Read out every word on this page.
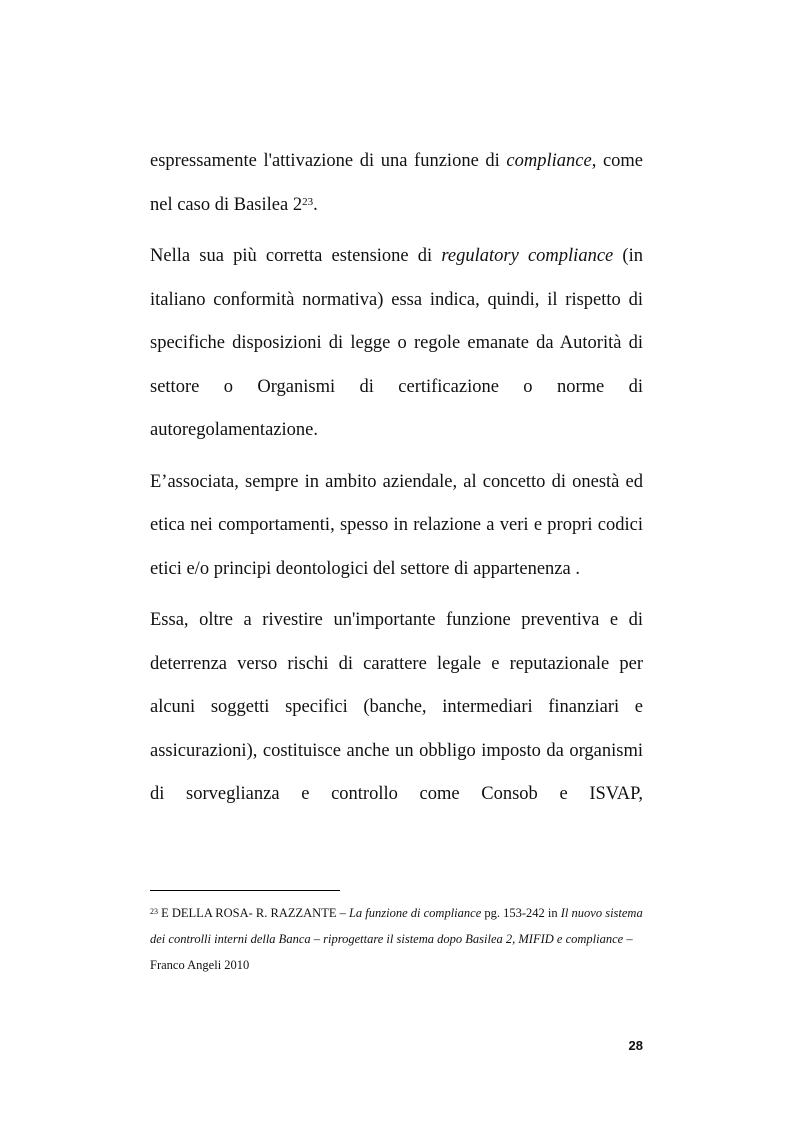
espressamente l'attivazione di una funzione di compliance, come nel caso di Basilea $2^{23}$.

Nella sua più corretta estensione di regulatory compliance (in italiano conformità normativa) essa indica, quindi, il rispetto di specifiche disposizioni di legge o regole emanate da Autorità di settore o Organismi di certificazione o norme di autoregolamentazione.

E’associata, sempre in ambito aziendale, al concetto di onestà ed etica nei comportamenti, spesso in relazione a veri e propri codici etici e/o principi deontologici del settore di appartenenza .

Essa, oltre a rivestire un'importante funzione preventiva e di deterrenza verso rischi di carattere legale e reputazionale per alcuni soggetti specifici (banche, intermediari finanziari e assicurazioni), costituisce anche un obbligo imposto da organismi di sorveglianza e controllo come Consob e ISVAP,

$^{23}$ E DELLA ROSA- R. RAZZANTE – La funzione di compliance pg. 153-242 in Il nuovo sistema dei controlli interni della Banca – riprogettare il sistema dopo Basilea 2, MIFID e compliance – Franco Angeli 2010
28
